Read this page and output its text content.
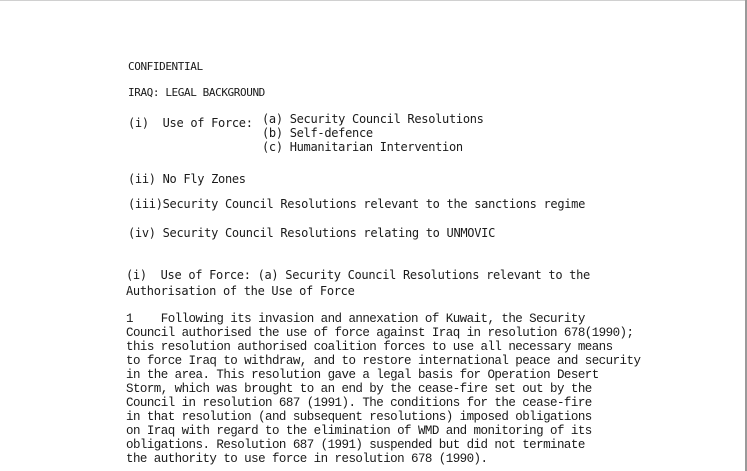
CONFIDENTIAL
IRAQ: LEGAL BACKGROUND
(i)  Use of Force: (a) Security Council Resolutions
(b) Self-defence
(c) Humanitarian Intervention
(ii) No Fly Zones
(iii)Security Council Resolutions relevant to the sanctions regime
(iv) Security Council Resolutions relating to UNMOVIC
(i)  Use of Force: (a) Security Council Resolutions relevant to the
Authorisation of the Use of Force
1    Following its invasion and annexation of Kuwait, the Security
Council authorised the use of force against Iraq in resolution 678(1990);
this resolution authorised coalition forces to use all necessary means
to force Iraq to withdraw, and to restore international peace and security
in the area. This resolution gave a legal basis for Operation Desert
Storm, which was brought to an end by the cease-fire set out by the
Council in resolution 687 (1991). The conditions for the cease-fire
in that resolution (and subsequent resolutions) imposed obligations
on Iraq with regard to the elimination of WMD and monitoring of its
obligations. Resolution 687 (1991) suspended but did not terminate
the authority to use force in resolution 678 (1990).
